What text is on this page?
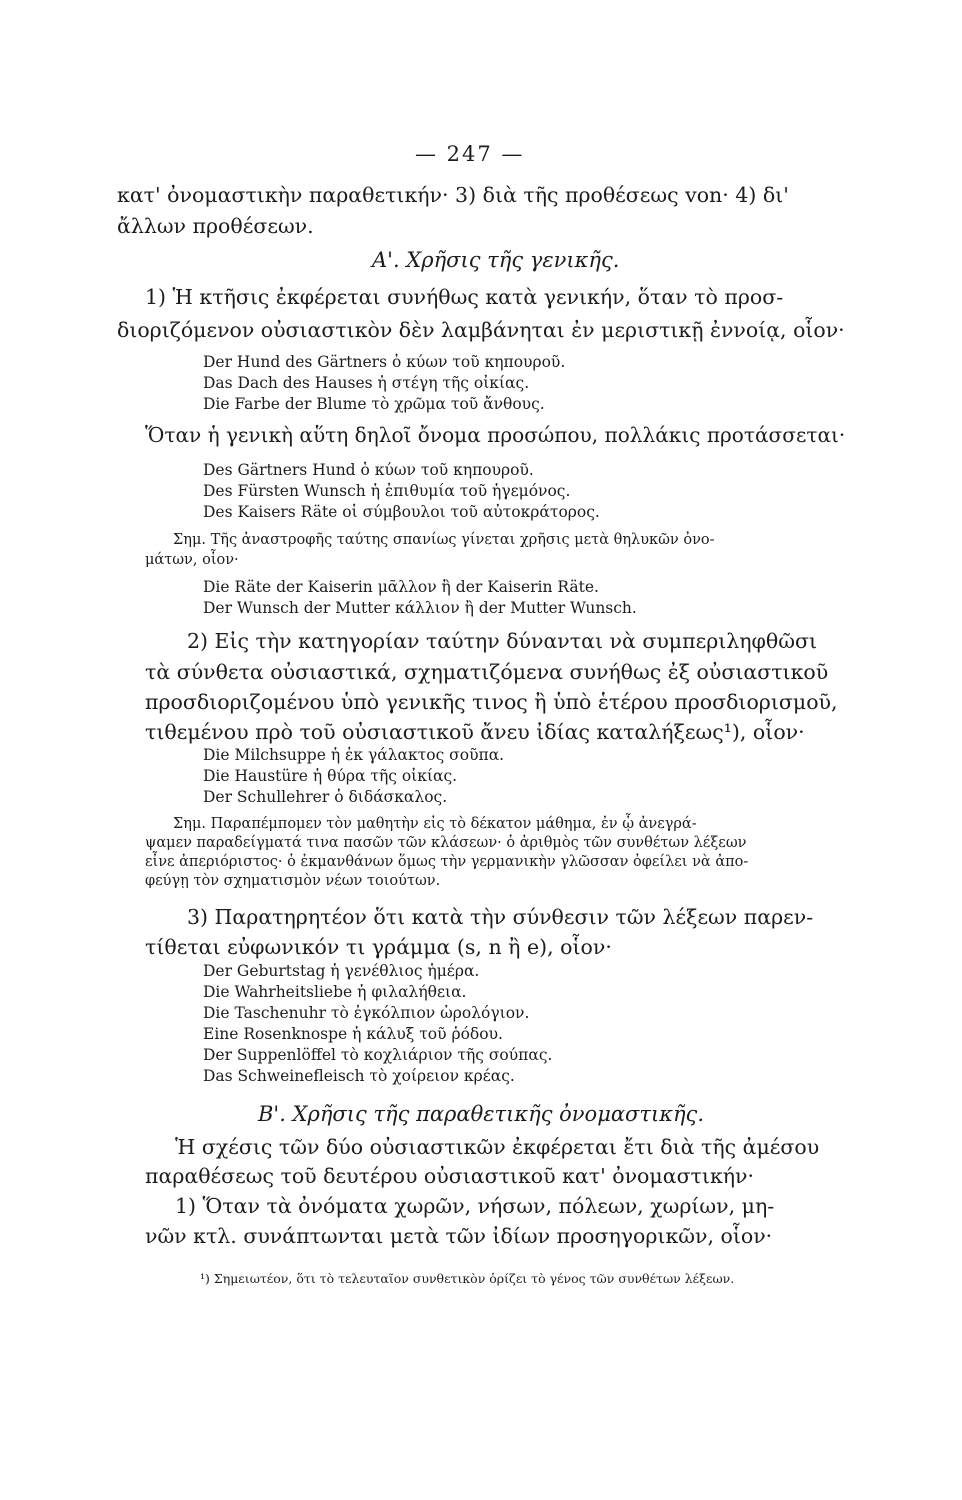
— 247 —
κατ' ὀνομαστικὴν παραθετικήν· 3) διὰ τῆς προθέσεως von· 4) δι'
ἄλλων προθέσεων.
Α'. Χρῆσις τῆς γενικῆς.
1) Ἡ κτῆσις ἐκφέρεται συνήθως κατὰ γενικήν, ὅταν τὸ προσ-
διοριζόμενον οὐσιαστικὸν δὲν λαμβάνηται ἐν μεριστικῇ ἐννοίᾳ, οἷον·
Der Hund des Gärtners ὁ κύων τοῦ κηπουροῦ.
Das Dach des Hauses ἡ στέγη τῆς οἰκίας.
Die Farbe der Blume τὸ χρῶμα τοῦ ἄνθους.
Ὅταν ἡ γενικὴ αὕτη δηλοῖ ὄνομα προσώπου, πολλάκις προτάσσεται·
Des Gärtners Hund ὁ κύων τοῦ κηπουροῦ.
Des Fürsten Wunsch ἡ ἐπιθυμία τοῦ ἡγεμόνος.
Des Kaisers Räte οἱ σύμβουλοι τοῦ αὐτοκράτορος.
Σημ. Τῆς ἀναστροφῆς ταύτης σπανίως γίνεται χρῆσις μετὰ θηλυκῶν ὀνο-
μάτων, οἷον·
Die Räte der Kaiserin μᾶλλον ἢ der Kaiserin Räte.
Der Wunsch der Mutter κάλλιον ἢ der Mutter Wunsch.
2) Εἰς τὴν κατηγορίαν ταύτην δύνανται νὰ συμπεριληφθῶσι
τὰ σύνθετα οὐσιαστικά, σχηματιζόμενα συνήθως ἐξ οὐσιαστικοῦ
προσδιοριζομένου ὑπὸ γενικῆς τινος ἢ ὑπὸ ἑτέρου προσδιορισμοῦ,
τιθεμένου πρὸ τοῦ οὐσιαστικοῦ ἄνευ ἰδίας καταλήξεως¹), οἷον·
Die Milchsuppe ἡ ἐκ γάλακτος σοῦπα.
Die Haustüre ἡ θύρα τῆς οἰκίας.
Der Schullehrer ὁ διδάσκαλος.
Σημ. Παραπέμπομεν τὸν μαθητὴν εἰς τὸ δέκατον μάθημα, ἐν ᾧ ἀνεγρά-
ψαμεν παραδείγματά τινα πασῶν τῶν κλάσεων· ὁ ἀριθμὸς τῶν συνθέτων λέξεων
εἶνε ἀπεριόριστος· ὁ ἐκμανθάνων ὅμως τὴν γερμανικὴν γλῶσσαν ὀφείλει νὰ ἀπο-
φεύγῃ τὸν σχηματισμὸν νέων τοιούτων.
3) Παρατηρητέον ὅτι κατὰ τὴν σύνθεσιν τῶν λέξεων παρεν-
τίθεται εὐφωνικόν τι γράμμα (s, n ἢ e), οἷον·
Der Geburtstag ἡ γενέθλιος ἡμέρα.
Die Wahrheitsliebe ἡ φιλαλήθεια.
Die Taschenuhr τὸ ἐγκόλπιον ὡρολόγιον.
Eine Rosenknospe ἡ κάλυξ τοῦ ῥόδου.
Der Suppenlöffel τὸ κοχλιάριον τῆς σούπας.
Das Schweinefleisch τὸ χοίρειον κρέας.
Β'. Χρῆσις τῆς παραθετικῆς ὀνομαστικῆς.
Ἡ σχέσις τῶν δύο οὐσιαστικῶν ἐκφέρεται ἔτι διὰ τῆς ἀμέσου
παραθέσεως τοῦ δευτέρου οὐσιαστικοῦ κατ' ὀνομαστικήν·
1) Ὅταν τὰ ὀνόματα χωρῶν, νήσων, πόλεων, χωρίων, μη-
νῶν κτλ. συνάπτωνται μετὰ τῶν ἰδίων προσηγορικῶν, οἷον·
¹) Σημειωτέον, ὅτι τὸ τελευταῖον συνθετικὸν ὁρίζει τὸ γένος τῶν συνθέτων λέξεων.
